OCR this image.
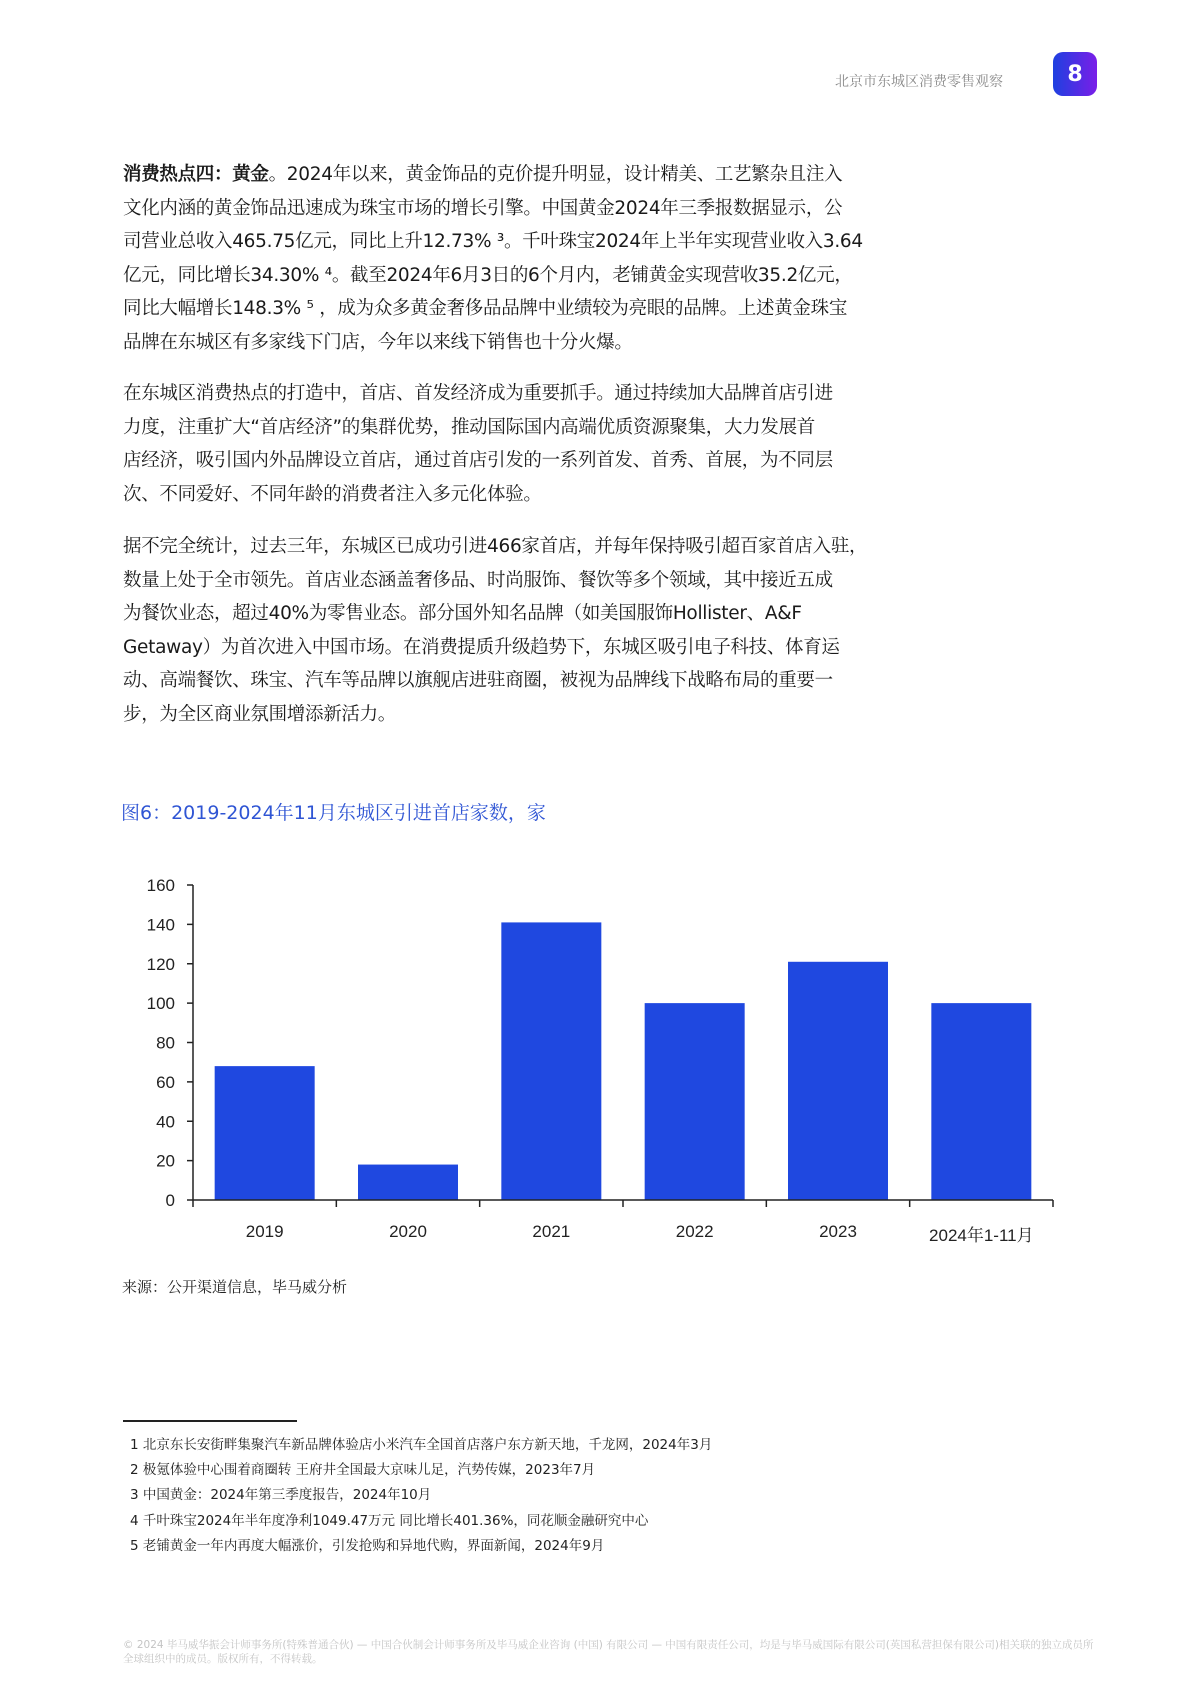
北京市东城区消费零售观察	8
消费热点四：黄金。2024年以来，黄金饰品的克价提升明显，设计精美、工艺繁杂且注入
文化内涵的黄金饰品迅速成为珠宝市场的增长引擎。中国黄金2024年三季报数据显示，公
司营业总收入465.75亿元，同比上升12.73% ³。千叶珠宝2024年上半年实现营业收入3.64
亿元，同比增长34.30% ⁴。截至2024年6月3日的6个月内，老铺黄金实现营收35.2亿元，
同比大幅增长148.3% ⁵ ，成为众多黄金奢侈品品牌中业绩较为亮眼的品牌。上述黄金珠宝
品牌在东城区有多家线下门店，今年以来线下销售也十分火爆。
在东城区消费热点的打造中，首店、首发经济成为重要抓手。通过持续加大品牌首店引进
力度，注重扩大“首店经济”的集群优势，推动国际国内高端优质资源聚集，大力发展首
店经济，吸引国内外品牌设立首店，通过首店引发的一系列首发、首秀、首展，为不同层
次、不同爱好、不同年龄的消费者注入多元化体验。
据不完全统计，过去三年，东城区已成功引进466家首店，并每年保持吸引超百家首店入驻，
数量上处于全市领先。首店业态涵盖奢侈品、时尚服饰、餐饮等多个领域，其中接近五成
为餐饮业态，超过40%为零售业态。部分国外知名品牌（如美国服饰Hollister、A&F
Getaway）为首次进入中国市场。在消费提质升级趋势下，东城区吸引电子科技、体育运
动、高端餐饮、珠宝、汽车等品牌以旗舰店进驻商圈，被视为品牌线下战略布局的重要一
步，为全区商业氛围增添新活力。
图6：2019-2024年11月东城区引进首店家数，家
2019	2020	2021	2022	2023	2024年1-11月
0
20
40
60
80
100
120
140
160
来源：公开渠道信息，毕马威分析
1 北京东长安街畔集聚汽车新品牌体验店小米汽车全国首店落户东方新天地，千龙网，2024年3月
2 极氪体验中心围着商圈转 王府井全国最大京味儿足，汽势传媒，2023年7月
3 中国黄金：2024年第三季度报告，2024年10月
4 千叶珠宝2024年半年度净利1049.47万元 同比增长401.36%，同花顺金融研究中心
5 老铺黄金一年内再度大幅涨价，引发抢购和异地代购，界面新闻，2024年9月
© 2024 毕马威华振会计师事务所(特殊普通合伙) — 中国合伙制会计师事务所及毕马威企业咨询 (中国) 有限公司 — 中国有限责任公司，均是与毕马威国际有限公司(英国私营担保有限公司)相关联的独立成员所全球组织中的成员。版权所有，不得转载。
